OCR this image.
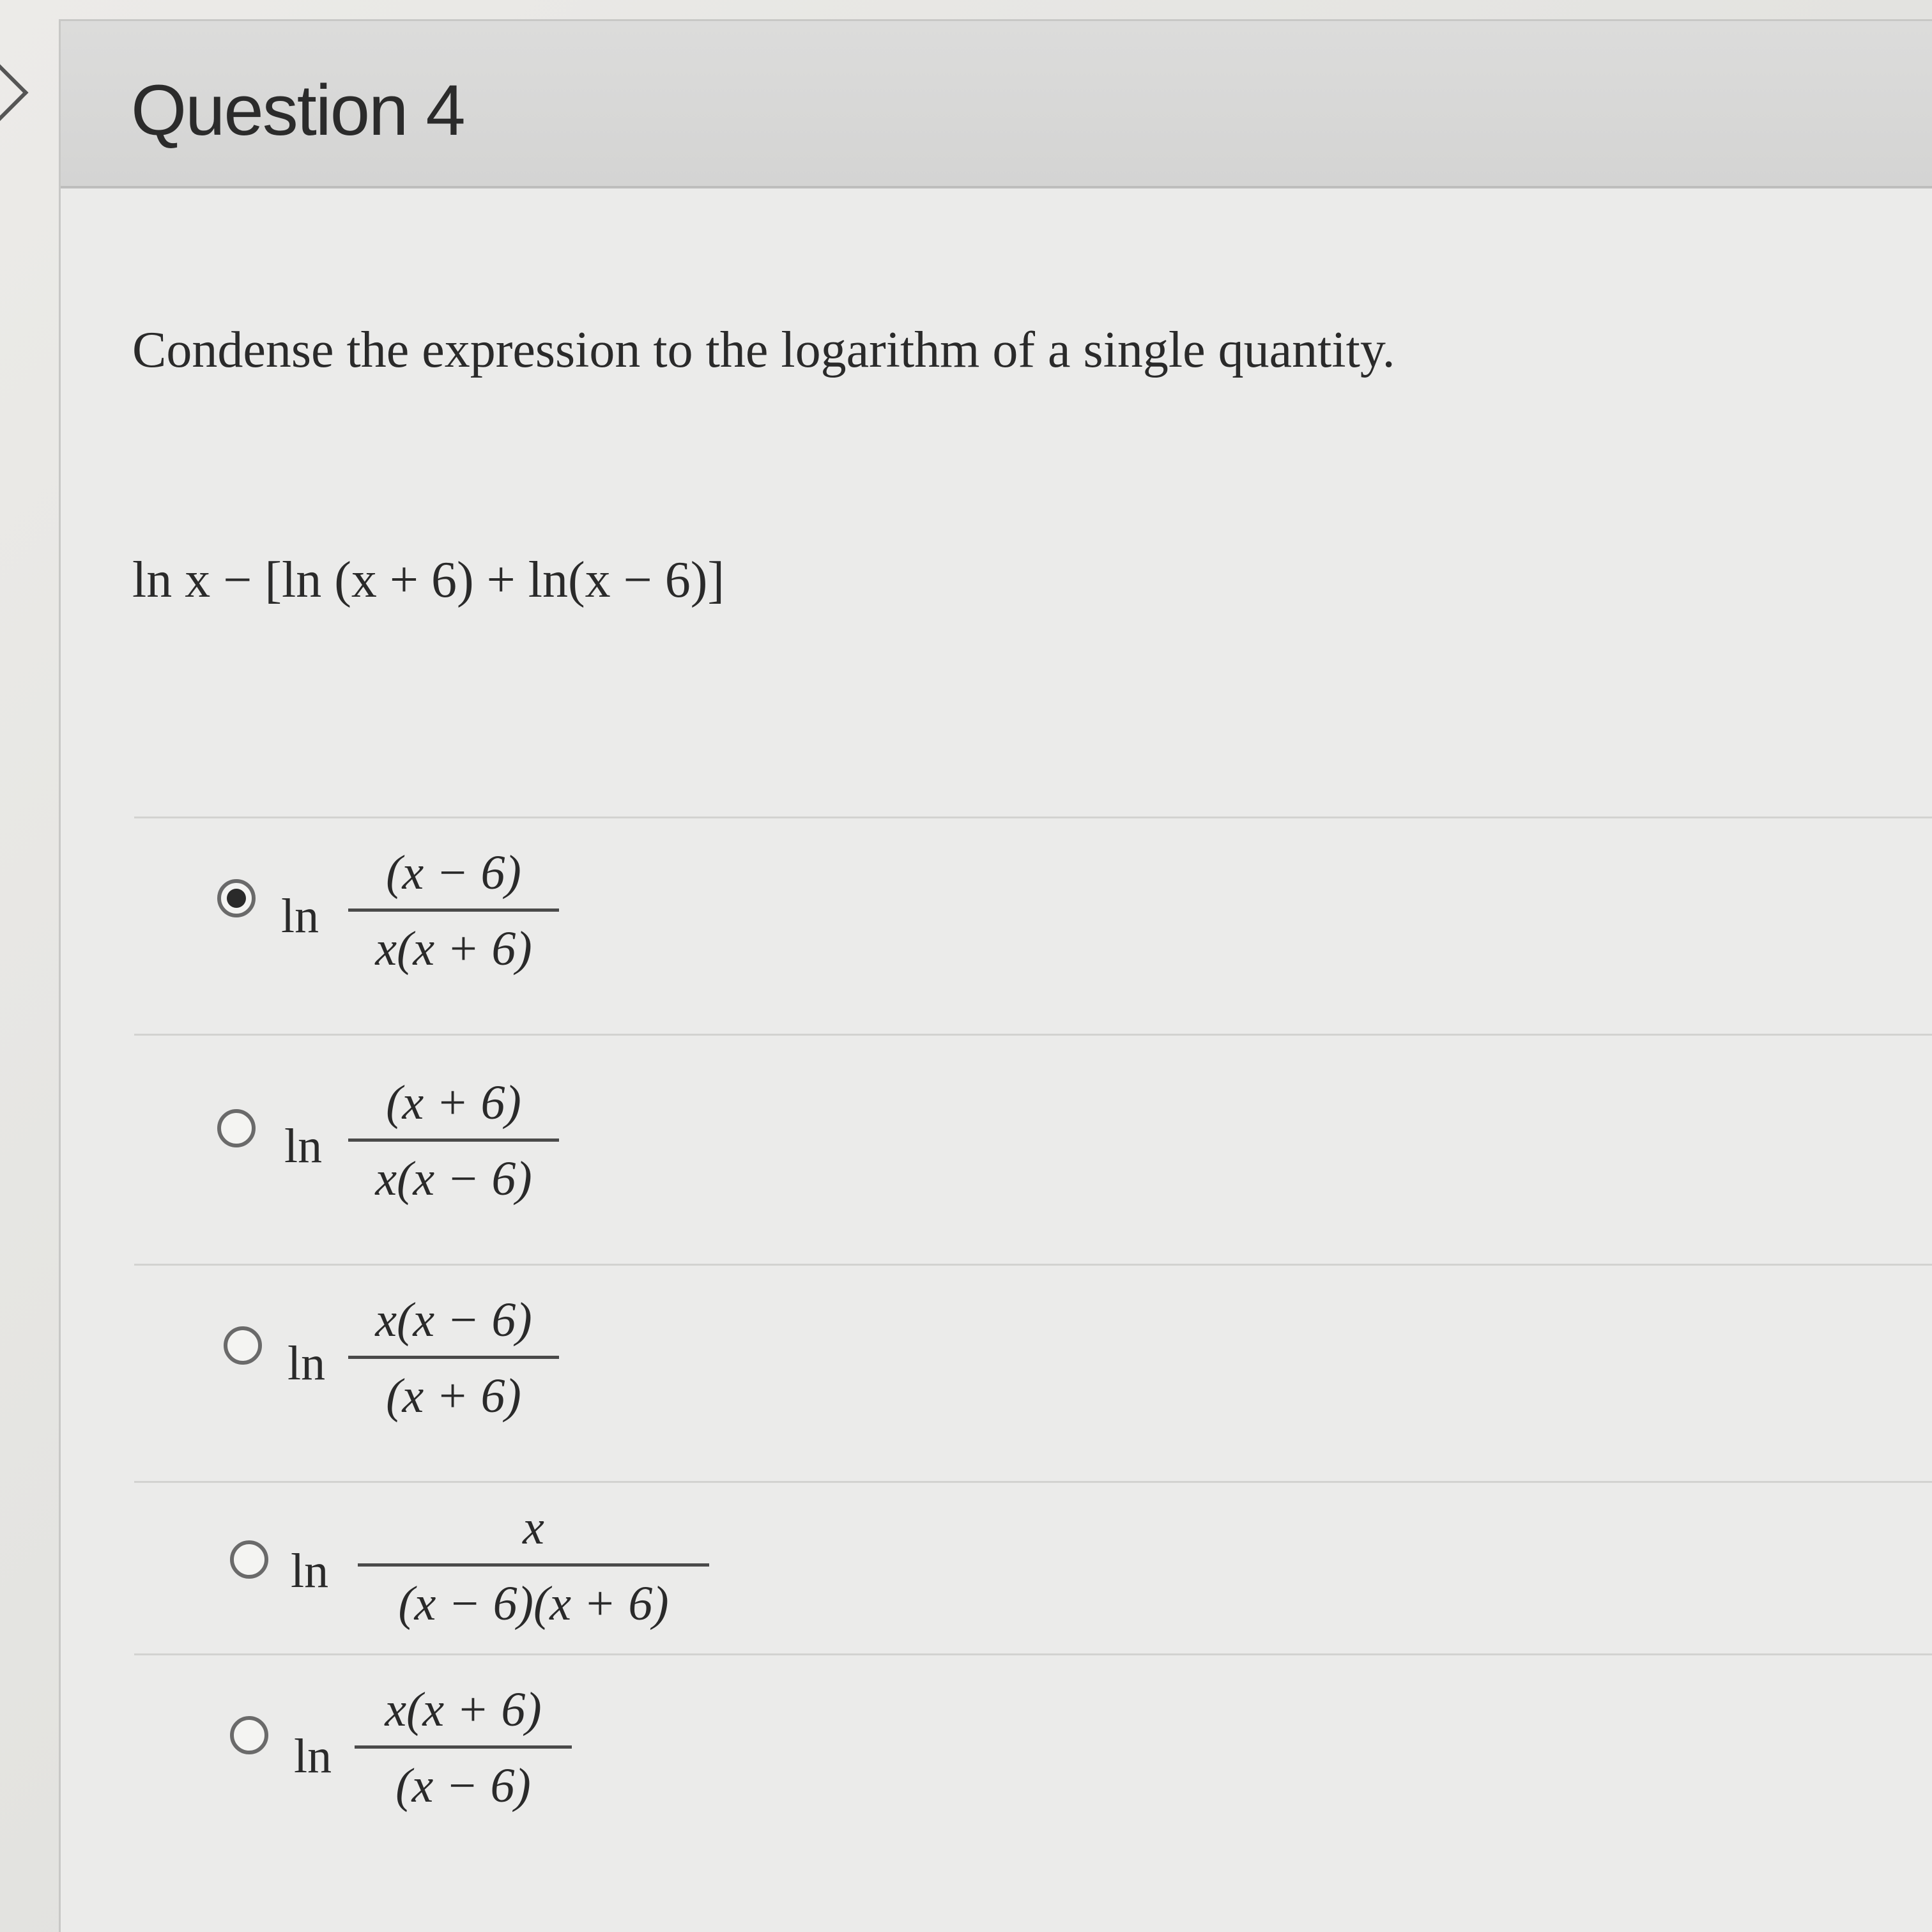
Question 4
Condense the expression to the logarithm of a single quantity.
ln x − [ln (x + 6) + ln(x − 6)]
ln
(x − 6)
x(x + 6)
ln
(x + 6)
x(x − 6)
ln
x(x − 6)
(x + 6)
ln
x
(x − 6)(x + 6)
ln
x(x + 6)
(x − 6)
